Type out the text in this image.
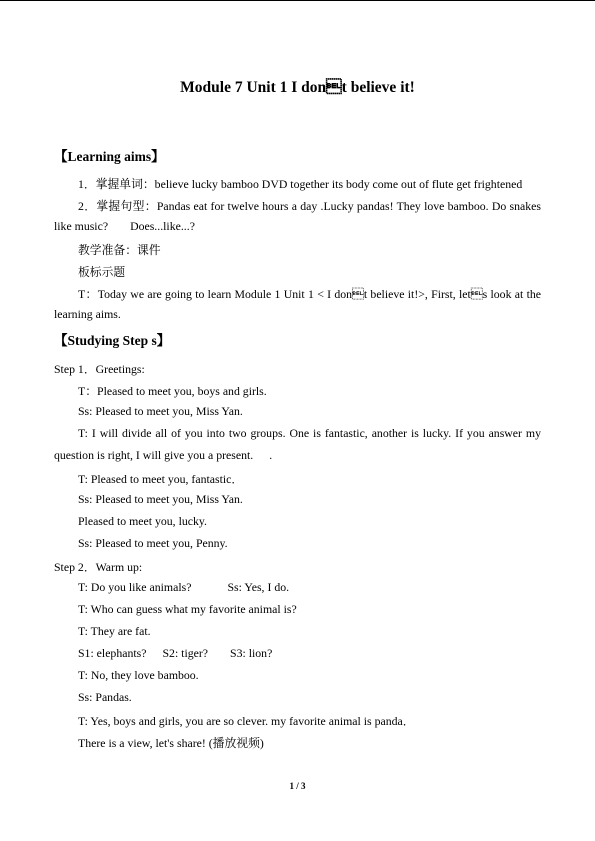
Module 7 Unit 1 I dont believe it!
【Learning aims】
1．掌握单词：believe lucky bamboo DVD together its body come out of flute get frightened
2．掌握句型：Pandas eat for twelve hours a day .Lucky pandas! They love bamboo. Do snakes
like music? Does...like...?
教学准备：课件
板标示题
T：Today we are going to learn Module 1 Unit 1 < I dont believe it!>, First, lets look at the
learning aims.
【Studying Step s】
Step 1．Greetings:
T：Pleased to meet you, boys and girls.
Ss: Pleased to meet you, Miss Yan.
T: I will divide all of you into two groups. One is fantastic, another is lucky. If you answer my
question is right, I will give you a present. .
T: Pleased to meet you, fantastic．
Ss: Pleased to meet you, Miss Yan.
Pleased to meet you, lucky.
Ss: Pleased to meet you, Penny.
Step 2．Warm up:
T: Do you like animals?	Ss: Yes, I do.
T: Who can guess what my favorite animal is?
T: They are fat.
S1: elephants? S2: tiger? S3: lion?
T: No, they love bamboo.
Ss: Pandas.
T: Yes, boys and girls, you are so clever. my favorite animal is panda．
There is a view, let's share! (播放视频)
1 / 3
